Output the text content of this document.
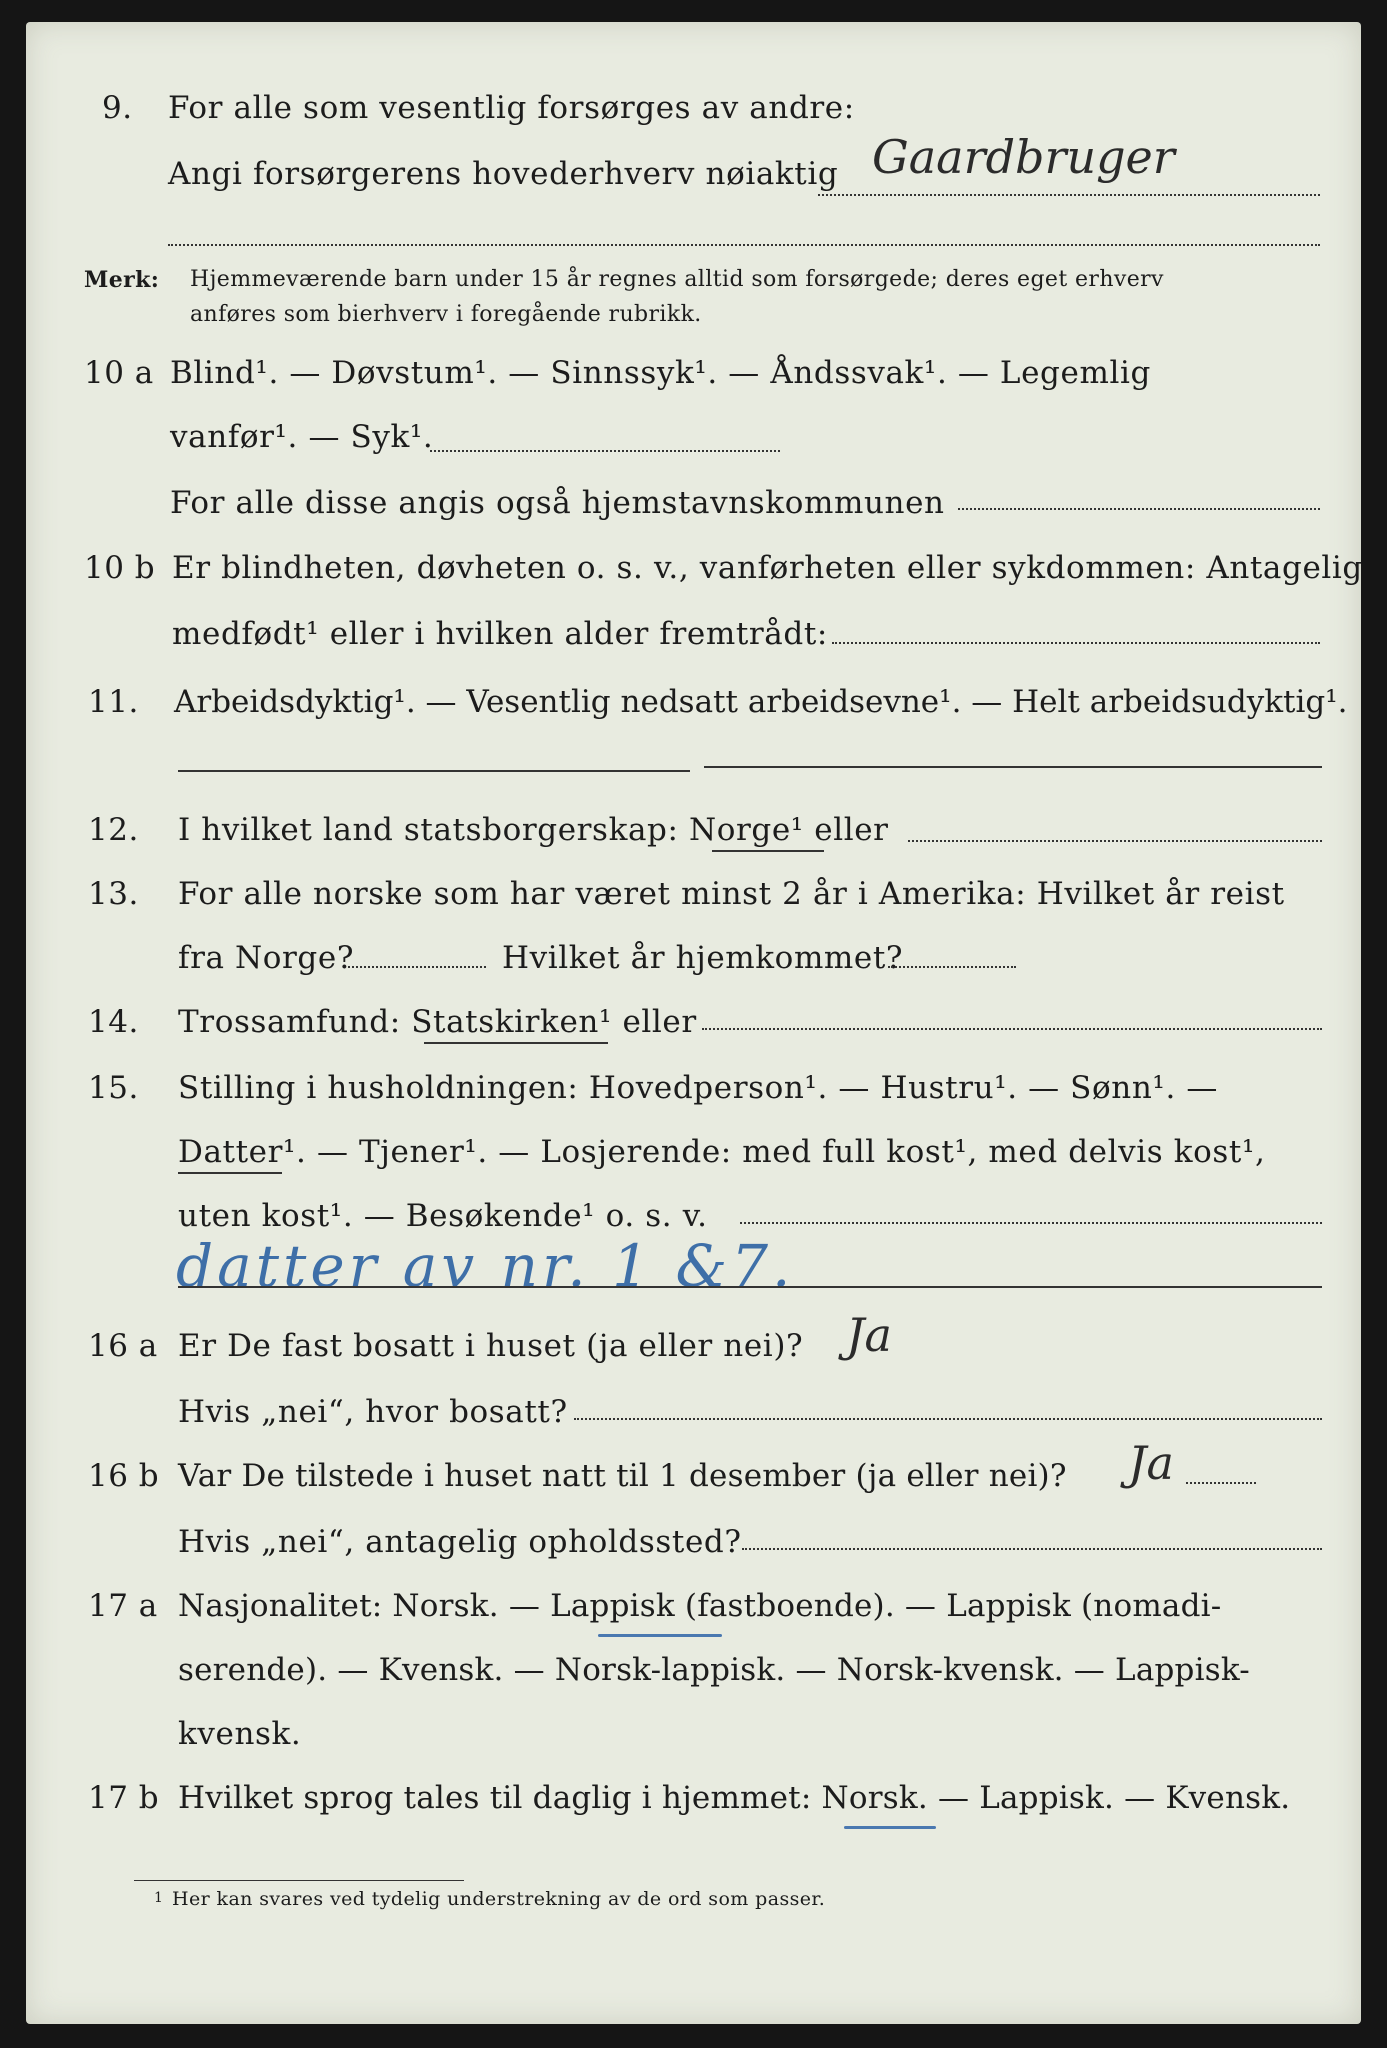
9. For alle som vesentlig forsørges av andre:
Angi forsørgerens hovederhverv nøiaktig Gaardbruger
Merk: Hjemmeværende barn under 15 år regnes alltid som forsørgede; deres eget erhverv
anføres som bierhverv i foregående rubrikk.
10 a Blind¹. — Døvstum¹. — Sinnssyk¹. — Åndssvak¹. — Legemlig
vanfør¹. — Syk¹.
For alle disse angis også hjemstavnskommunen
10 b Er blindheten, døvheten o. s. v., vanførheten eller sykdommen: Antagelig
medfødt¹ eller i hvilken alder fremtrådt:
11. Arbeidsdyktig¹. — Vesentlig nedsatt arbeidsevne¹. — Helt arbeidsudyktig¹.
12. I hvilket land statsborgerskap: Norge¹ eller
13. For alle norske som har været minst 2 år i Amerika: Hvilket år reist
fra Norge?	Hvilket år hjemkommet?
14. Trossamfund: Statskirken¹ eller
15. Stilling i husholdningen: Hovedperson¹. — Hustru¹. — Sønn¹. —
Datter¹. — Tjener¹. — Losjerende: med full kost¹, med delvis kost¹,
uten kost¹. — Besøkende¹ o. s. v.
datter av nr. 1 &7.
16 a Er De fast bosatt i huset (ja eller nei)? Ja
Hvis „nei“, hvor bosatt?
16 b Var De tilstede i huset natt til 1 desember (ja eller nei)? Ja
Hvis „nei“, antagelig opholdssted?
17 a Nasjonalitet: Norsk. — Lappisk (fastboende). — Lappisk (nomadi-
serende). — Kvensk. — Norsk-lappisk. — Norsk-kvensk. — Lappisk-
kvensk.
17 b Hvilket sprog tales til daglig i hjemmet: Norsk. — Lappisk. — Kvensk.
1 Her kan svares ved tydelig understrekning av de ord som passer.
